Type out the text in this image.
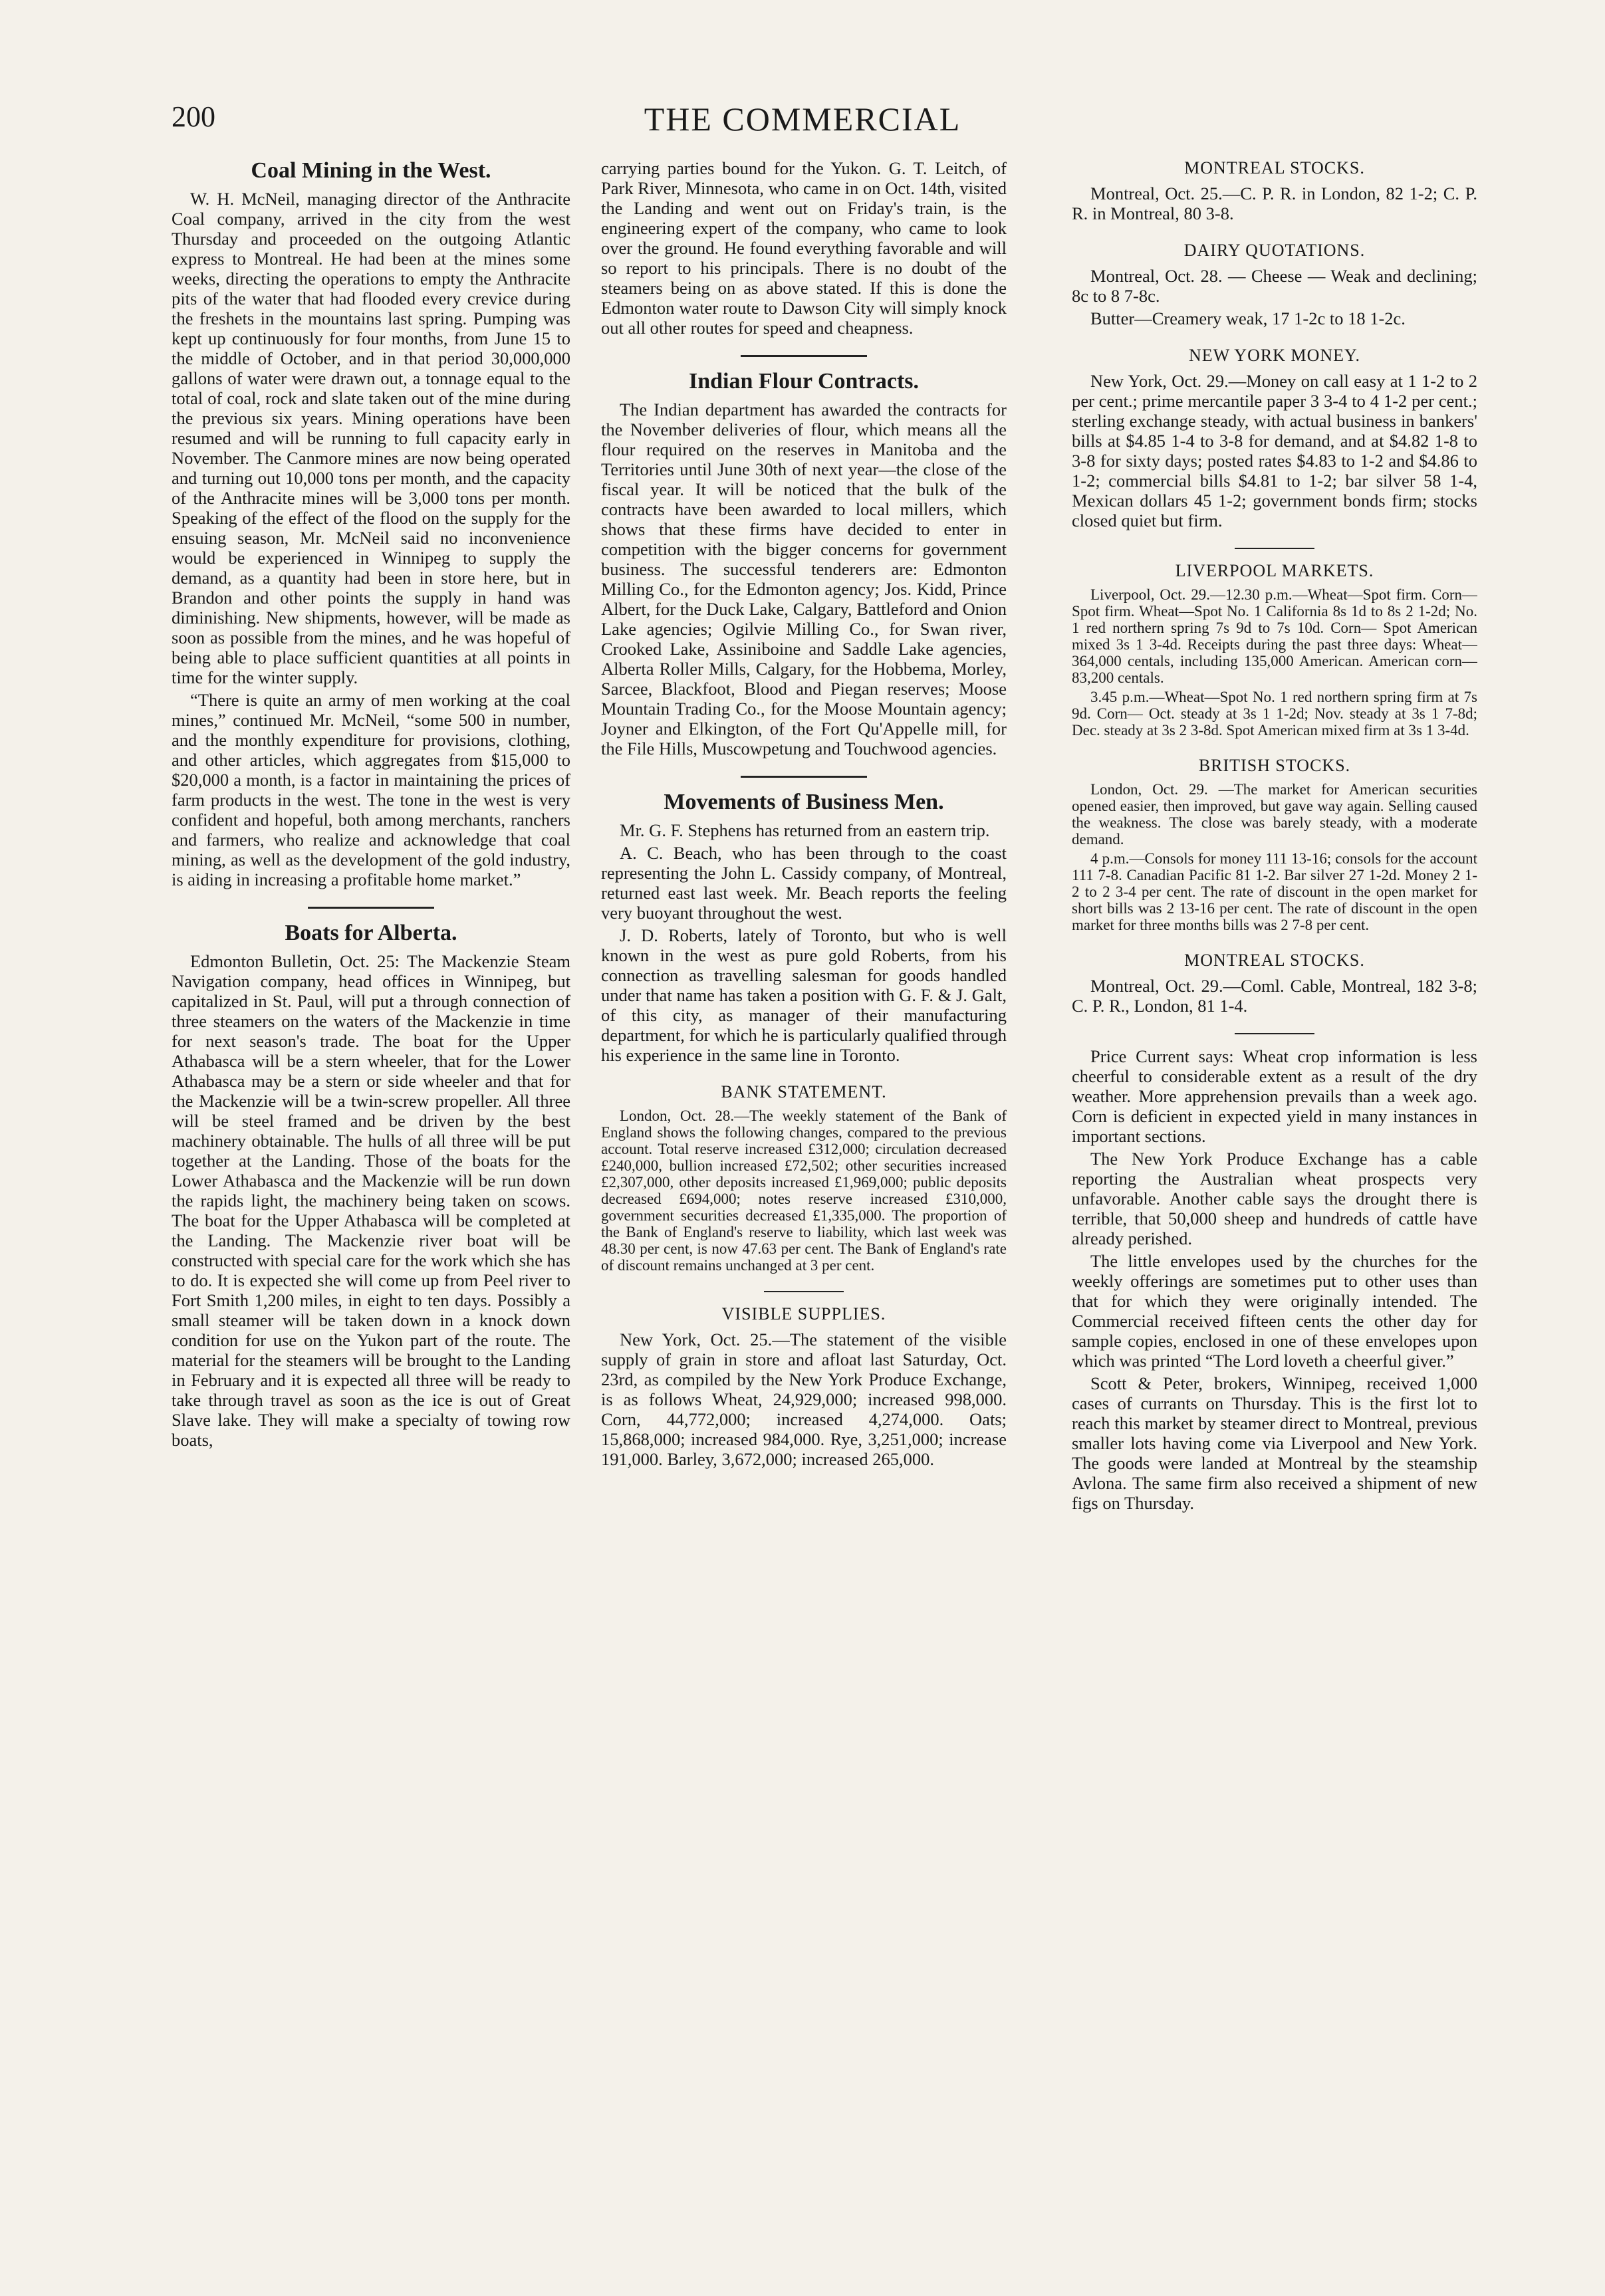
200	THE COMMERCIAL
Coal Mining in the West.

W. H. McNeil, managing director of the Anthracite Coal company, arrived in the city from the west Thursday and proceeded on the outgoing Atlantic express to Montreal. He had been at the mines some weeks, directing the operations to empty the Anthracite pits of the water that had flooded every crevice during the freshets in the mountains last spring. Pumping was kept up continuously for four months, from June 15 to the middle of October, and in that period 30,000,000 gallons of water were drawn out, a tonnage equal to the total of coal, rock and slate taken out of the mine during the previous six years. Mining operations have been resumed and will be running to full capacity early in November. The Canmore mines are now being operated and turning out 10,000 tons per month, and the capacity of the Anthracite mines will be 3,000 tons per month. Speaking of the effect of the flood on the supply for the ensuing season, Mr. McNeil said no inconvenience would be experienced in Winnipeg to supply the demand, as a quantity had been in store here, but in Brandon and other points the supply in hand was diminishing. New shipments, however, will be made as soon as possible from the mines, and he was hopeful of being able to place sufficient quantities at all points in time for the winter supply.

“There is quite an army of men working at the coal mines,” continued Mr. McNeil, “some 500 in number, and the monthly expenditure for provisions, clothing, and other articles, which aggregates from $15,000 to $20,000 a month, is a factor in maintaining the prices of farm products in the west. The tone in the west is very confident and hopeful, both among merchants, ranchers and farmers, who realize and acknowledge that coal mining, as well as the development of the gold industry, is aiding in increasing a profitable home market.”

Boats for Alberta.

Edmonton Bulletin, Oct. 25: The Mackenzie Steam Navigation company, head offices in Winnipeg, but capitalized in St. Paul, will put a through connection of three steamers on the waters of the Mackenzie in time for next season's trade. The boat for the Upper Athabasca will be a stern wheeler, that for the Lower Athabasca may be a stern or side wheeler and that for the Mackenzie will be a twin-screw propeller. All three will be steel framed and be driven by the best machinery obtainable. The hulls of all three will be put together at the Landing. Those of the boats for the Lower Athabasca and the Mackenzie will be run down the rapids light, the machinery being taken on scows. The boat for the Upper Athabasca will be completed at the Landing. The Mackenzie river boat will be constructed with special care for the work which she has to do. It is expected she will come up from Peel river to Fort Smith 1,200 miles, in eight to ten days. Possibly a small steamer will be taken down in a knock down condition for use on the Yukon part of the route. The material for the steamers will be brought to the Landing in February and it is expected all three will be ready to take through travel as soon as the ice is out of Great Slave lake. They will make a specialty of towing row boats,

carrying parties bound for the Yukon. G. T. Leitch, of Park River, Minnesota, who came in on Oct. 14th, visited the Landing and went out on Friday's train, is the engineering expert of the company, who came to look over the ground. He found everything favorable and will so report to his principals. There is no doubt of the steamers being on as above stated. If this is done the Edmonton water route to Dawson City will simply knock out all other routes for speed and cheapness.

Indian Flour Contracts.

The Indian department has awarded the contracts for the November deliveries of flour, which means all the flour required on the reserves in Manitoba and the Territories until June 30th of next year—the close of the fiscal year. It will be noticed that the bulk of the contracts have been awarded to local millers, which shows that these firms have decided to enter in competition with the bigger concerns for government business. The successful tenderers are: Edmonton Milling Co., for the Edmonton agency; Jos. Kidd, Prince Albert, for the Duck Lake, Calgary, Battleford and Onion Lake agencies; Ogilvie Milling Co., for Swan river, Crooked Lake, Assiniboine and Saddle Lake agencies, Alberta Roller Mills, Calgary, for the Hobbema, Morley, Sarcee, Blackfoot, Blood and Piegan reserves; Moose Mountain Trading Co., for the Moose Mountain agency; Joyner and Elkington, of the Fort Qu'Appelle mill, for the File Hills, Muscowpetung and Touchwood agencies.

Movements of Business Men.

Mr. G. F. Stephens has returned from an eastern trip.

A. C. Beach, who has been through to the coast representing the John L. Cassidy company, of Montreal, returned east last week. Mr. Beach reports the feeling very buoyant throughout the west.

J. D. Roberts, lately of Toronto, but who is well known in the west as pure gold Roberts, from his connection as travelling salesman for goods handled under that name has taken a position with G. F. & J. Galt, of this city, as manager of their manufacturing department, for which he is particularly qualified through his experience in the same line in Toronto.

BANK STATEMENT.

London, Oct. 28.—The weekly statement of the Bank of England shows the following changes, compared to the previous account. Total reserve increased £312,000; circulation decreased £240,000, bullion increased £72,502; other securities increased £2,307,000, other deposits increased £1,969,000; public deposits decreased £694,000; notes reserve increased £310,000, government securities decreased £1,335,000. The proportion of the Bank of England's reserve to liability, which last week was 48.30 per cent, is now 47.63 per cent. The Bank of England's rate of discount remains unchanged at 3 per cent.

VISIBLE SUPPLIES.

New York, Oct. 25.—The statement of the visible supply of grain in store and afloat last Saturday, Oct. 23rd, as compiled by the New York Produce Exchange, is as follows Wheat, 24,929,000; increased 998,000. Corn, 44,772,000; increased 4,274,000. Oats; 15,868,000; increased 984,000. Rye, 3,251,000; increase 191,000. Barley, 3,672,000; increased 265,000.

MONTREAL STOCKS.

Montreal, Oct. 25.—C. P. R. in London, 82 1-2; C. P. R. in Montreal, 80 3-8.

DAIRY QUOTATIONS.

Montreal, Oct. 28. — Cheese — Weak and declining; 8c to 8 7-8c.

Butter—Creamery weak, 17 1-2c to 18 1-2c.

NEW YORK MONEY.

New York, Oct. 29.—Money on call easy at 1 1-2 to 2 per cent.; prime mercantile paper 3 3-4 to 4 1-2 per cent.; sterling exchange steady, with actual business in bankers' bills at $4.85 1-4 to 3-8 for demand, and at $4.82 1-8 to 3-8 for sixty days; posted rates $4.83 to 1-2 and $4.86 to 1-2; commercial bills $4.81 to 1-2; bar silver 58 1-4, Mexican dollars 45 1-2; government bonds firm; stocks closed quiet but firm.

LIVERPOOL MARKETS.

Liverpool, Oct. 29.—12.30 p.m.—Wheat—Spot firm. Corn— Spot firm. Wheat—Spot No. 1 California 8s 1d to 8s 2 1-2d; No. 1 red northern spring 7s 9d to 7s 10d. Corn— Spot American mixed 3s 1 3-4d. Receipts during the past three days: Wheat—364,000 centals, including 135,000 American. American corn—83,200 centals.

3.45 p.m.—Wheat—Spot No. 1 red northern spring firm at 7s 9d. Corn— Oct. steady at 3s 1 1-2d; Nov. steady at 3s 1 7-8d; Dec. steady at 3s 2 3-8d. Spot American mixed firm at 3s 1 3-4d.

BRITISH STOCKS.

London, Oct. 29. —The market for American securities opened easier, then improved, but gave way again. Selling caused the weakness. The close was barely steady, with a moderate demand.

4 p.m.—Consols for money 111 13-16; consols for the account 111 7-8. Canadian Pacific 81 1-2. Bar silver 27 1-2d. Money 2 1-2 to 2 3-4 per cent. The rate of discount in the open market for short bills was 2 13-16 per cent. The rate of discount in the open market for three months bills was 2 7-8 per cent.

MONTREAL STOCKS.

Montreal, Oct. 29.—Coml. Cable, Montreal, 182 3-8; C. P. R., London, 81 1-4.

Price Current says: Wheat crop information is less cheerful to considerable extent as a result of the dry weather. More apprehension prevails than a week ago. Corn is deficient in expected yield in many instances in important sections.

The New York Produce Exchange has a cable reporting the Australian wheat prospects very unfavorable. Another cable says the drought there is terrible, that 50,000 sheep and hundreds of cattle have already perished.

The little envelopes used by the churches for the weekly offerings are sometimes put to other uses than that for which they were originally intended. The Commercial received fifteen cents the other day for sample copies, enclosed in one of these envelopes upon which was printed “The Lord loveth a cheerful giver.”

Scott & Peter, brokers, Winnipeg, received 1,000 cases of currants on Thursday. This is the first lot to reach this market by steamer direct to Montreal, previous smaller lots having come via Liverpool and New York. The goods were landed at Montreal by the steamship Avlona. The same firm also received a shipment of new figs on Thursday.
